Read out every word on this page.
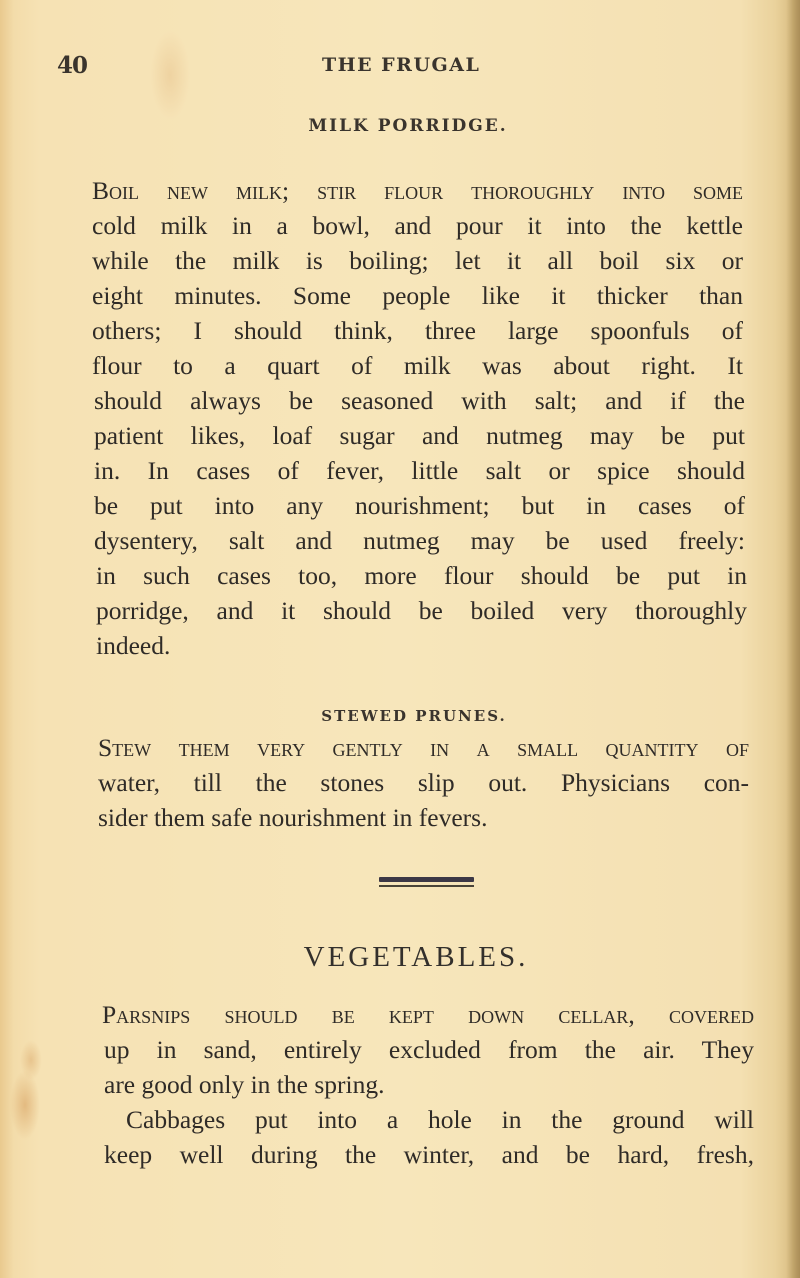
40	THE FRUGAL
MILK PORRIDGE.
Boil new milk; stir flour thoroughly into some
cold milk in a bowl, and pour it into the kettle
while the milk is boiling; let it all boil six or
eight minutes. Some people like it thicker than
others; I should think, three large spoonfuls of
flour to a quart of milk was about right. It
should always be seasoned with salt; and if the
patient likes, loaf sugar and nutmeg may be put
in. In cases of fever, little salt or spice should
be put into any nourishment; but in cases of
dysentery, salt and nutmeg may be used freely:
in such cases too, more flour should be put in
porridge, and it should be boiled very thoroughly
indeed.
STEWED PRUNES.
Stew them very gently in a small quantity of
water, till the stones slip out. Physicians con-
sider them safe nourishment in fevers.
VEGETABLES.
Parsnips should be kept down cellar, covered
up in sand, entirely excluded from the air. They
are good only in the spring.
Cabbages put into a hole in the ground will
keep well during the winter, and be hard, fresh,
